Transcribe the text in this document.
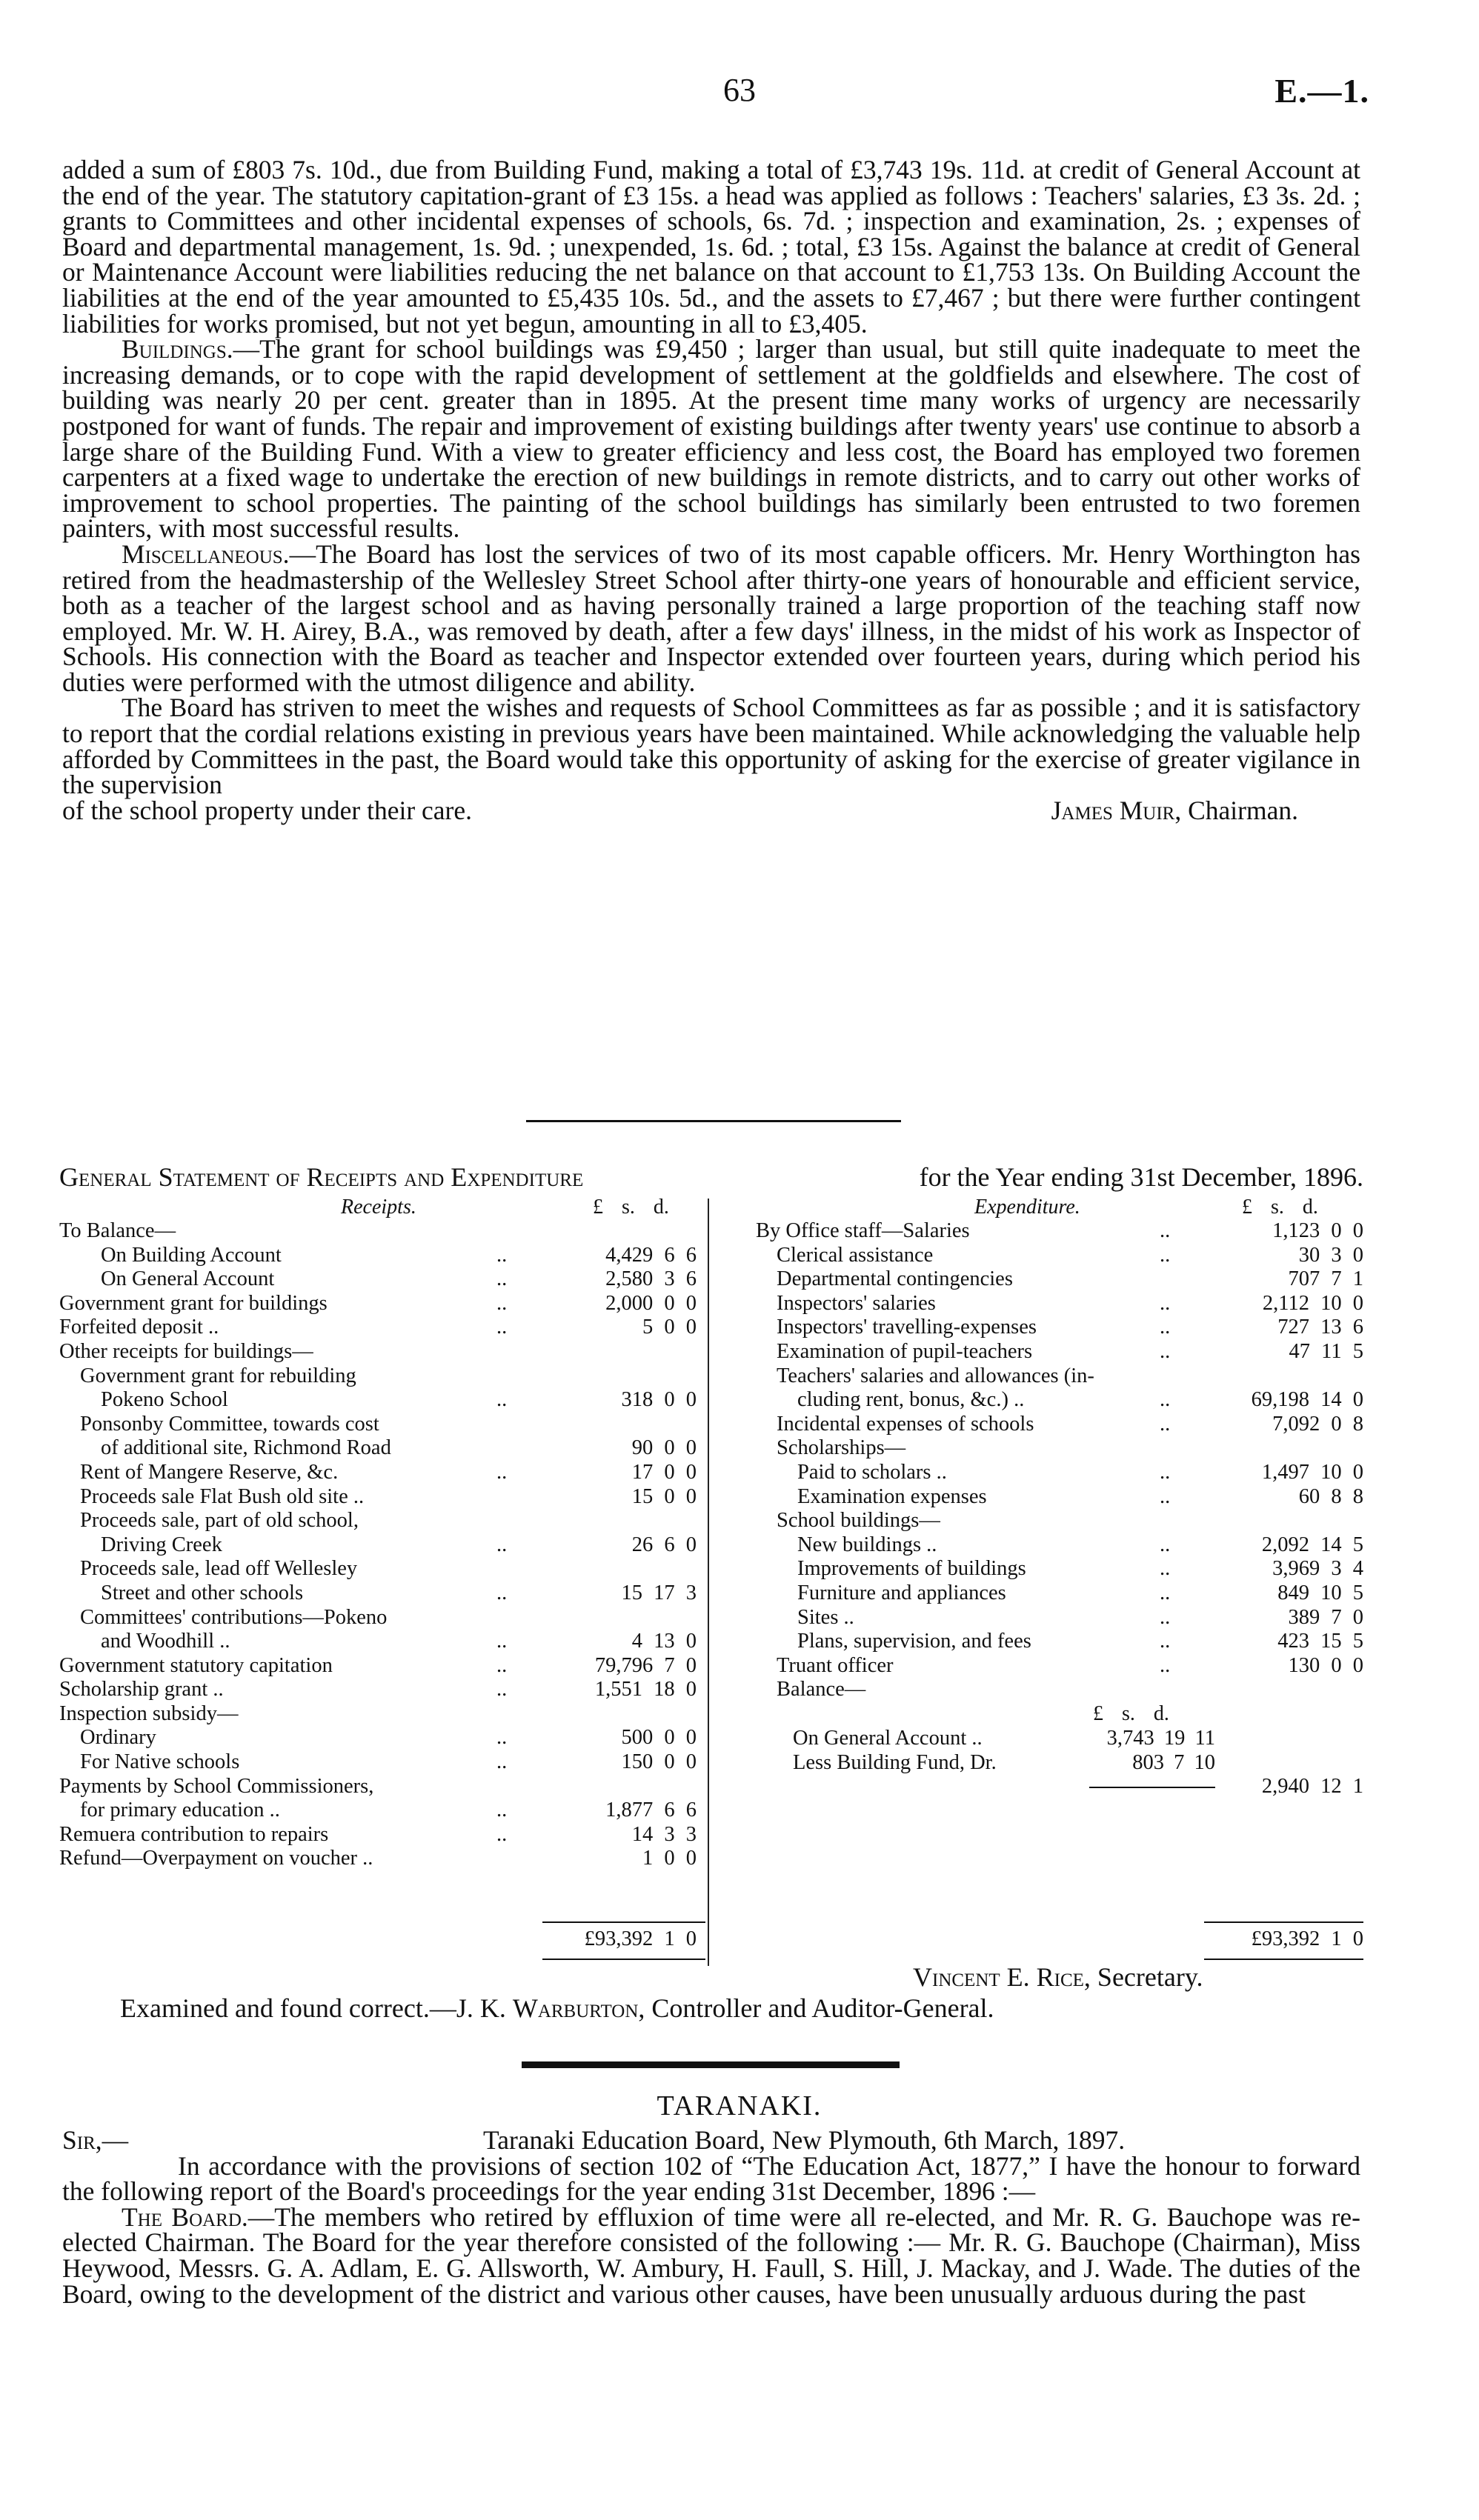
63	E.—1.

added a sum of £803 7s. 10d., due from Building Fund, making a total of £3,743 19s. 11d. at credit of General Account at the end of the year. The statutory capitation-grant of £3 15s. a head was applied as follows : Teachers' salaries, £3 3s. 2d. ; grants to Committees and other incidental expenses of schools, 6s. 7d. ; inspection and examination, 2s. ; expenses of Board and departmental management, 1s. 9d. ; unexpended, 1s. 6d. ; total, £3 15s. Against the balance at credit of General or Maintenance Account were liabilities reducing the net balance on that account to £1,753 13s. On Building Account the liabilities at the end of the year amounted to £5,435 10s. 5d., and the assets to £7,467 ; but there were further contingent liabilities for works promised, but not yet begun, amounting in all to £3,405.

Buildings.—The grant for school buildings was £9,450 ; larger than usual, but still quite inadequate to meet the increasing demands, or to cope with the rapid development of settlement at the goldfields and elsewhere. The cost of building was nearly 20 per cent. greater than in 1895. At the present time many works of urgency are necessarily postponed for want of funds. The repair and improvement of existing buildings after twenty years' use continue to absorb a large share of the Building Fund. With a view to greater efficiency and less cost, the Board has employed two foremen carpenters at a fixed wage to undertake the erection of new buildings in remote districts, and to carry out other works of improvement to school properties. The painting of the school buildings has similarly been entrusted to two foremen painters, with most successful results.

Miscellaneous.—The Board has lost the services of two of its most capable officers. Mr. Henry Worthington has retired from the headmastership of the Wellesley Street School after thirty-one years of honourable and efficient service, both as a teacher of the largest school and as having personally trained a large proportion of the teaching staff now employed. Mr. W. H. Airey, B.A., was removed by death, after a few days' illness, in the midst of his work as Inspector of Schools. His connection with the Board as teacher and Inspector extended over fourteen years, during which period his duties were performed with the utmost diligence and ability.

The Board has striven to meet the wishes and requests of School Committees as far as possible ; and it is satisfactory to report that the cordial relations existing in previous years have been maintained. While acknowledging the valuable help afforded by Committees in the past, the Board would take this opportunity of asking for the exercise of greater vigilance in the supervision

of the school property under their care.	James Muir, Chairman.
General Statement of Receipts and Expenditure	for the Year ending 31st December, 1896.
Receipts.	£ s. d.	Expenditure.	£ s. d.
To Balance—
On Building Account	..	4,429 6 6
On General Account	..	2,580 3 6
Government grant for buildings	..	2,000 0 0
Forfeited deposit ..	..	5 0 0
Other receipts for buildings—
Government grant for rebuilding
Pokeno School	..	318 0 0
Ponsonby Committee, towards cost
of additional site, Richmond Road	90 0 0
Rent of Mangere Reserve, &c.	..	17 0 0
Proceeds sale Flat Bush old site ..	15 0 0
Proceeds sale, part of old school,
Driving Creek	..	26 6 0
Proceeds sale, lead off Wellesley
Street and other schools	..	15 17 3
Committees' contributions—Pokeno
and Woodhill ..	..	4 13 0
Government statutory capitation	..	79,796 7 0
Scholarship grant ..	..	1,551 18 0
Inspection subsidy—
Ordinary	..	500 0 0
For Native schools	..	150 0 0
Payments by School Commissioners,
for primary education ..	..	1,877 6 6
Remuera contribution to repairs	..	14 3 3
Refund—Overpayment on voucher ..	1 0 0
By Office staff—Salaries	..	1,123 0 0
Clerical assistance	..	30 3 0
Departmental contingencies	707 7 1
Inspectors' salaries	..	2,112 10 0
Inspectors' travelling-expenses	..	727 13 6
Examination of pupil-teachers	..	47 11 5
Teachers' salaries and allowances (in-
cluding rent, bonus, &c.) ..	..	69,198 14 0
Incidental expenses of schools	..	7,092 0 8
Scholarships—
Paid to scholars ..	..	1,497 10 0
Examination expenses	..	60 8 8
School buildings—
New buildings ..	..	2,092 14 5
Improvements of buildings	..	3,969 3 4
Furniture and appliances	..	849 10 5
Sites ..	..	389 7 0
Plans, supervision, and fees	..	423 15 5
Truant officer	..	130 0 0
Balance—
£ s. d.
On General Account ..	3,743 19 11
Less Building Fund, Dr.	803 7 10
2,940 12 1
£93,392 1 0	£93,392 1 0
Vincent E. Rice, Secretary.
Examined and found correct.—J. K. Warburton, Controller and Auditor-General.
TARANAKI.
Sir,—	Taranaki Education Board, New Plymouth, 6th March, 1897.

In accordance with the provisions of section 102 of “The Education Act, 1877,” I have the honour to forward the following report of the Board's proceedings for the year ending 31st December, 1896 :—

The Board.—The members who retired by effluxion of time were all re-elected, and Mr. R. G. Bauchope was re-elected Chairman. The Board for the year therefore consisted of the following :— Mr. R. G. Bauchope (Chairman), Miss Heywood, Messrs. G. A. Adlam, E. G. Allsworth, W. Ambury, H. Faull, S. Hill, J. Mackay, and J. Wade. The duties of the Board, owing to the development of the district and various other causes, have been unusually arduous during the past
